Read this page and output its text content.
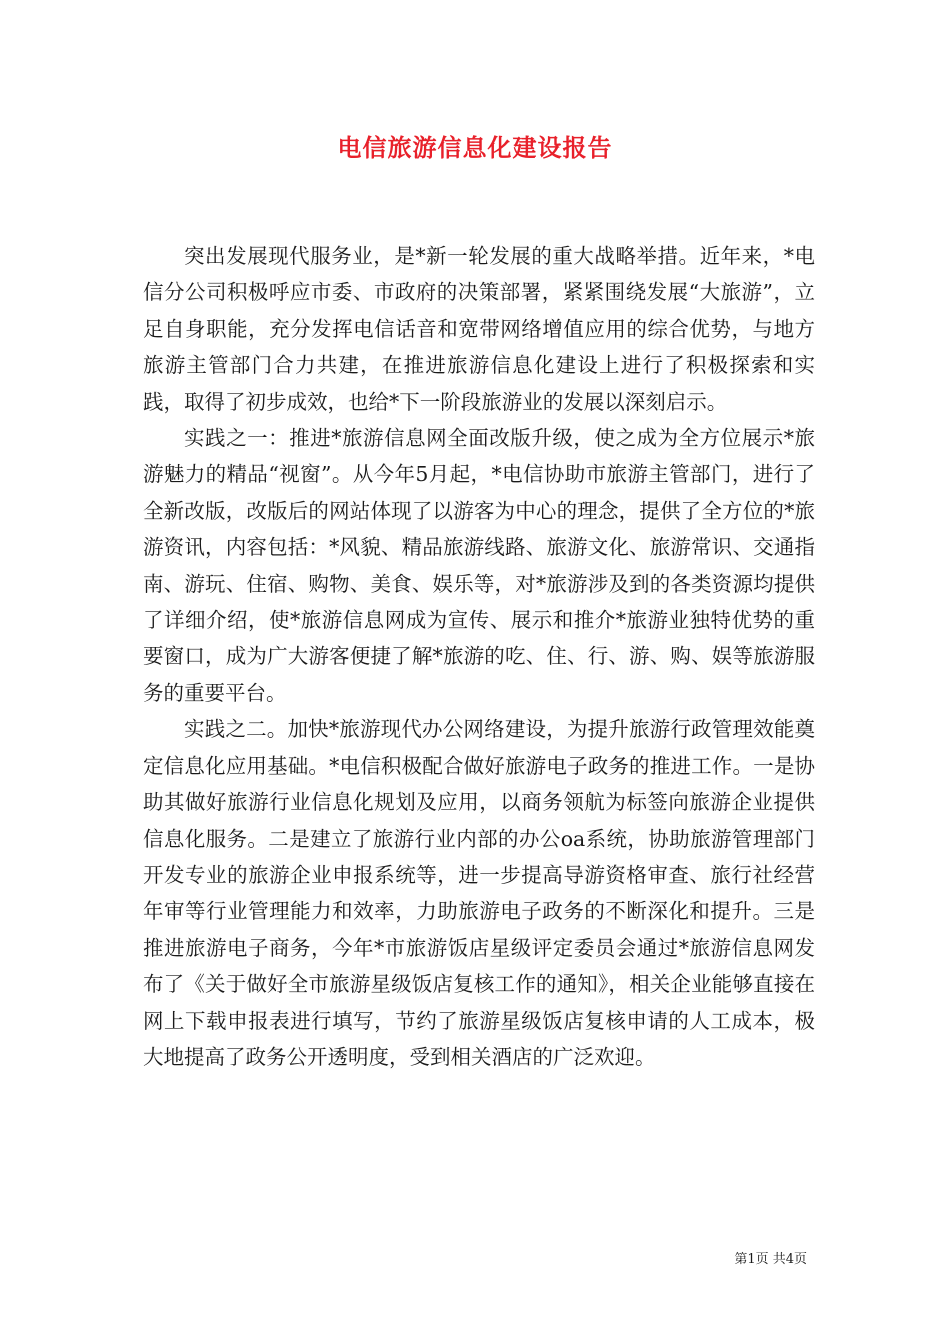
电信旅游信息化建设报告

突出发展现代服务业，是*新一轮发展的重大战略举措。近年来，*电信分公司积极呼应市委、市政府的决策部署，紧紧围绕发展“大旅游”，立足自身职能，充分发挥电信话音和宽带网络增值应用的综合优势，与地方旅游主管部门合力共建，在推进旅游信息化建设上进行了积极探索和实践，取得了初步成效，也给*下一阶段旅游业的发展以深刻启示。

实践之一：推进*旅游信息网全面改版升级，使之成为全方位展示*旅游魅力的精品“视窗”。从今年5月起，*电信协助市旅游主管部门，进行了全新改版，改版后的网站体现了以游客为中心的理念，提供了全方位的*旅游资讯，内容包括：*风貌、精品旅游线路、旅游文化、旅游常识、交通指南、游玩、住宿、购物、美食、娱乐等，对*旅游涉及到的各类资源均提供了详细介绍，使*旅游信息网成为宣传、展示和推介*旅游业独特优势的重要窗口，成为广大游客便捷了解*旅游的吃、住、行、游、购、娱等旅游服务的重要平台。

实践之二。加快*旅游现代办公网络建设，为提升旅游行政管理效能奠定信息化应用基础。*电信积极配合做好旅游电子政务的推进工作。一是协助其做好旅游行业信息化规划及应用，以商务领航为标签向旅游企业提供信息化服务。二是建立了旅游行业内部的办公oa系统，协助旅游管理部门开发专业的旅游企业申报系统等，进一步提高导游资格审查、旅行社经营年审等行业管理能力和效率，力助旅游电子政务的不断深化和提升。三是推进旅游电子商务，今年*市旅游饭店星级评定委员会通过*旅游信息网发布了《关于做好全市旅游星级饭店复核工作的通知》，相关企业能够直接在网上下载申报表进行填写，节约了旅游星级饭店复核申请的人工成本，极大地提高了政务公开透明度，受到相关酒店的广泛欢迎。

第1页 共4页
